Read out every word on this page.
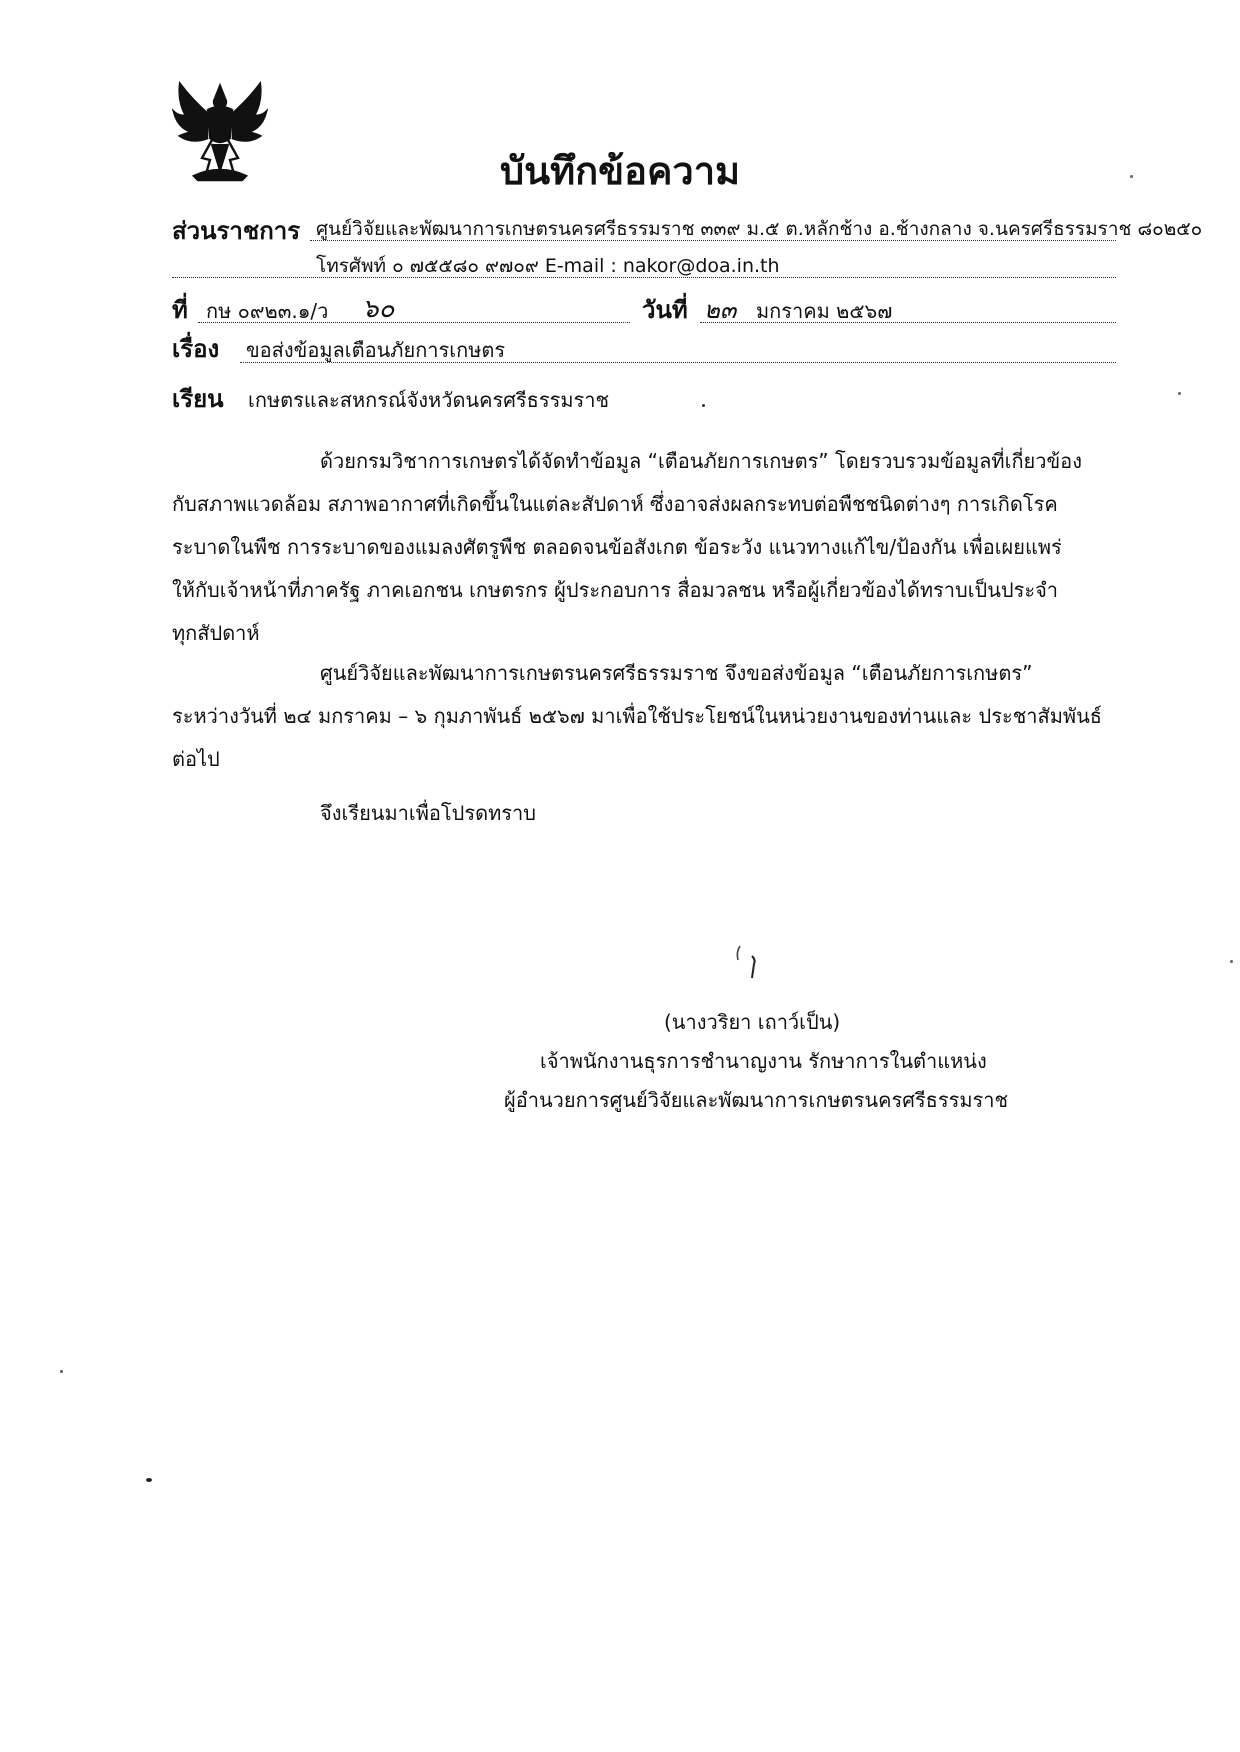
บันทึกข้อความ
ส่วนราชการ ศูนย์วิจัยและพัฒนาการเกษตรนครศรีธรรมราช ๓๓๙ ม.๕ ต.หลักช้าง อ.ช้างกลาง จ.นครศรีธรรมราช ๘๐๒๕๐
โทรศัพท์ ๐ ๗๕๕๘๐ ๙๗๐๙ E-mail : nakor@doa.in.th
ที่ กษ ๐๙๒๓.๑/ว ๖๐	วันที่ ๒๓ มกราคม ๒๕๖๗
เรื่อง ขอส่งข้อมูลเตือนภัยการเกษตร
เรียน เกษตรและสหกรณ์จังหวัดนครศรีธรรมราช
ด้วยกรมวิชาการเกษตรได้จัดทำข้อมูล “เตือนภัยการเกษตร” โดยรวบรวมข้อมูลที่เกี่ยวข้อง
กับสภาพแวดล้อม สภาพอากาศที่เกิดขึ้นในแต่ละสัปดาห์ ซึ่งอาจส่งผลกระทบต่อพืชชนิดต่างๆ การเกิดโรค
ระบาดในพืช การระบาดของแมลงศัตรูพืช ตลอดจนข้อสังเกต ข้อระวัง แนวทางแก้ไข/ป้องกัน เพื่อเผยแพร่
ให้กับเจ้าหน้าที่ภาครัฐ ภาคเอกชน เกษตรกร ผู้ประกอบการ สื่อมวลชน หรือผู้เกี่ยวข้องได้ทราบเป็นประจำ
ทุกสัปดาห์
ศูนย์วิจัยและพัฒนาการเกษตรนครศรีธรรมราช จึงขอส่งข้อมูล “เตือนภัยการเกษตร”
ระหว่างวันที่ ๒๔ มกราคม – ๖ กุมภาพันธ์ ๒๕๖๗ มาเพื่อใช้ประโยชน์ในหน่วยงานของท่านและ ประชาสัมพันธ์
ต่อไป
จึงเรียนมาเพื่อโปรดทราบ
(นางวริยา เถาว์เป็น)
เจ้าพนักงานธุรการชำนาญงาน รักษาการในตำแหน่ง
ผู้อำนวยการศูนย์วิจัยและพัฒนาการเกษตรนครศรีธรรมราช
